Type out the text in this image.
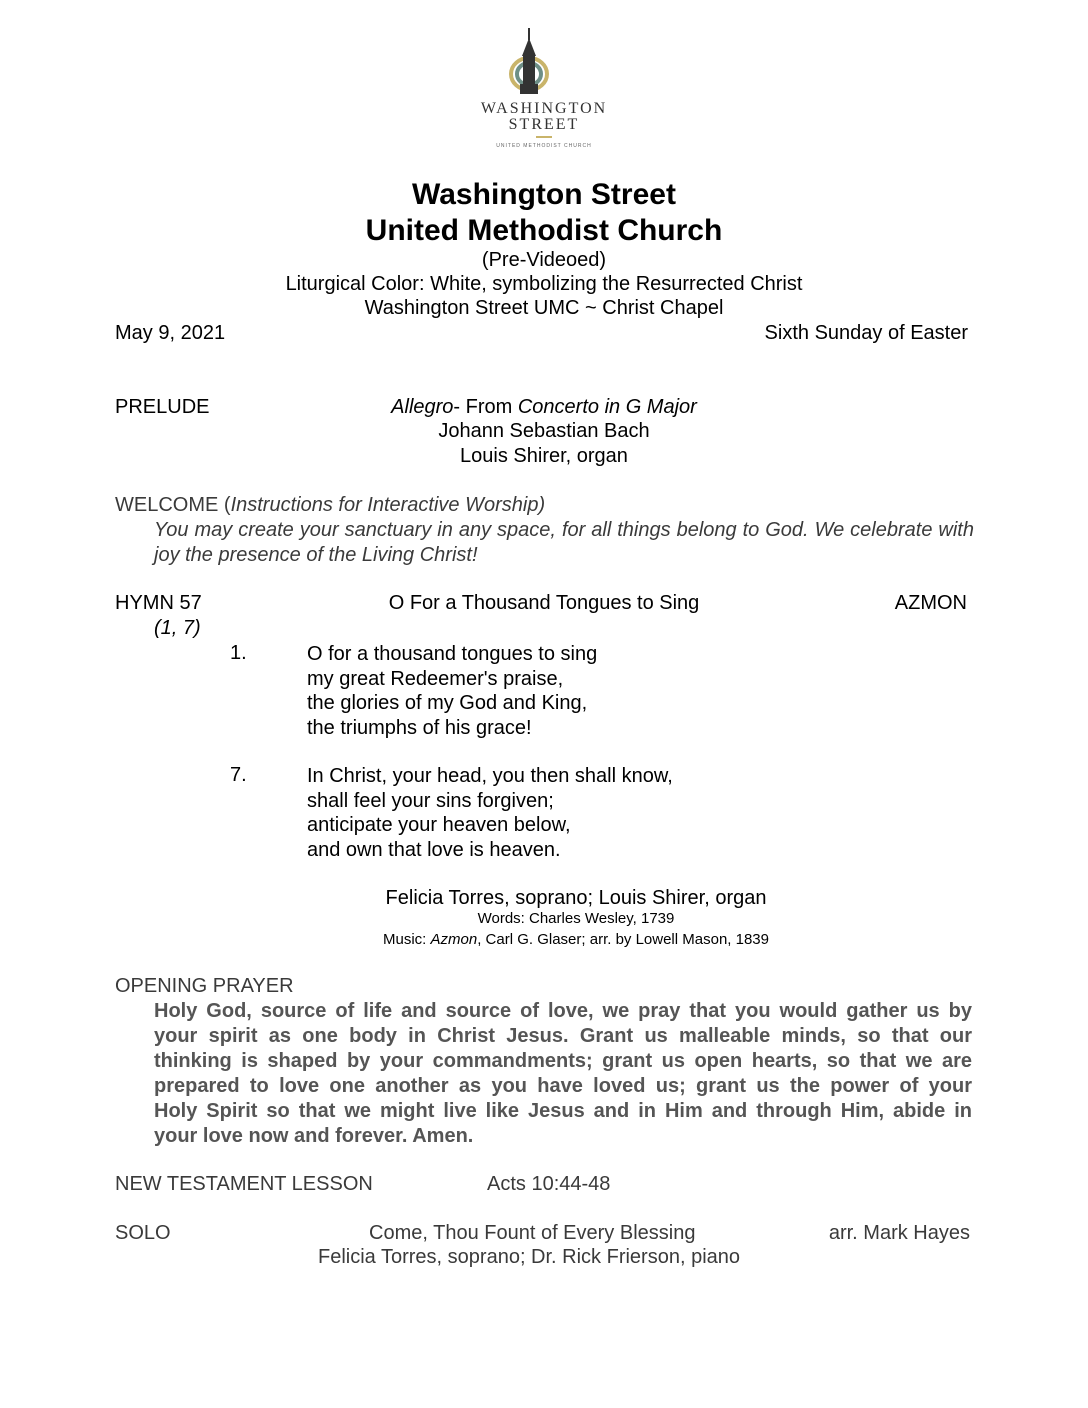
WASHINGTON
STREET
UNITED METHODIST CHURCH
Washington Street
United Methodist Church
(Pre-Videoed)
Liturgical Color: White, symbolizing the Resurrected Christ
Washington Street UMC ~ Christ Chapel
May 9, 2021	Sixth Sunday of Easter
PRELUDE	Allegro- From Concerto in G Major
Johann Sebastian Bach
Louis Shirer, organ
WELCOME (Instructions for Interactive Worship)
You may create your sanctuary in any space, for all things belong to God. We celebrate with joy the presence of the Living Christ!
HYMN 57	O For a Thousand Tongues to Sing	AZMON
(1, 7)
1.	O for a thousand tongues to sing
my great Redeemer's praise,
the glories of my God and King,
the triumphs of his grace!
7.	In Christ, your head, you then shall know,
shall feel your sins forgiven;
anticipate your heaven below,
and own that love is heaven.
Felicia Torres, soprano; Louis Shirer, organ
Words: Charles Wesley, 1739
Music: Azmon, Carl G. Glaser; arr. by Lowell Mason, 1839
OPENING PRAYER
Holy God, source of life and source of love, we pray that you would gather us by
your spirit as one body in Christ Jesus. Grant us malleable minds, so that our
thinking is shaped by your commandments; grant us open hearts, so that we are
prepared to love one another as you have loved us; grant us the power of your
Holy Spirit so that we might live like Jesus and in Him and through Him, abide in
your love now and forever. Amen.
NEW TESTAMENT LESSON	Acts 10:44-48
SOLO	Come, Thou Fount of Every Blessing	arr. Mark Hayes
Felicia Torres, soprano; Dr. Rick Frierson, piano
